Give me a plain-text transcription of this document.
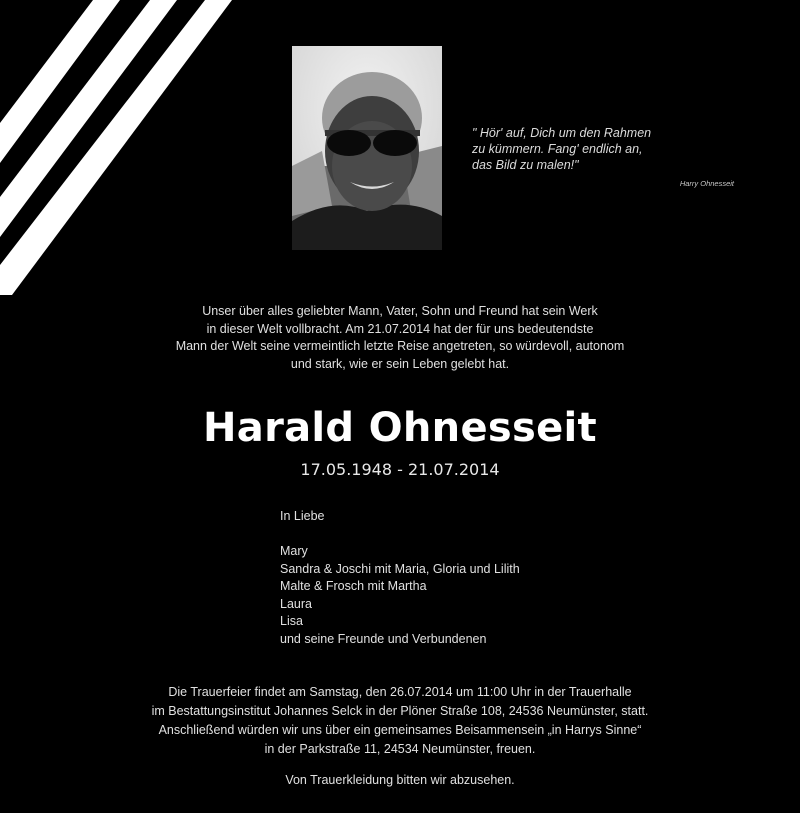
" Hör' auf, Dich um den Rahmen
zu kümmern. Fang' endlich an,
das Bild zu malen!"
Harry Ohnesseit
Unser über alles geliebter Mann, Vater, Sohn und Freund hat sein Werk
in dieser Welt vollbracht. Am 21.07.2014 hat der für uns bedeutendste
Mann der Welt seine vermeintlich letzte Reise angetreten, so würdevoll, autonom
und stark, wie er sein Leben gelebt hat.
Harald Ohnesseit
17.05.1948 - 21.07.2014
In Liebe
Mary
Sandra & Joschi mit Maria, Gloria und Lilith
Malte & Frosch mit Martha
Laura
Lisa
und seine Freunde und Verbundenen
Die Trauerfeier findet am Samstag, den 26.07.2014 um 11:00 Uhr in der Trauerhalle
im Bestattungsinstitut Johannes Selck in der Plöner Straße 108, 24536 Neumünster, statt.
Anschließend würden wir uns über ein gemeinsames Beisammensein „in Harrys Sinne“
in der Parkstraße 11, 24534 Neumünster, freuen.
Von Trauerkleidung bitten wir abzusehen.
